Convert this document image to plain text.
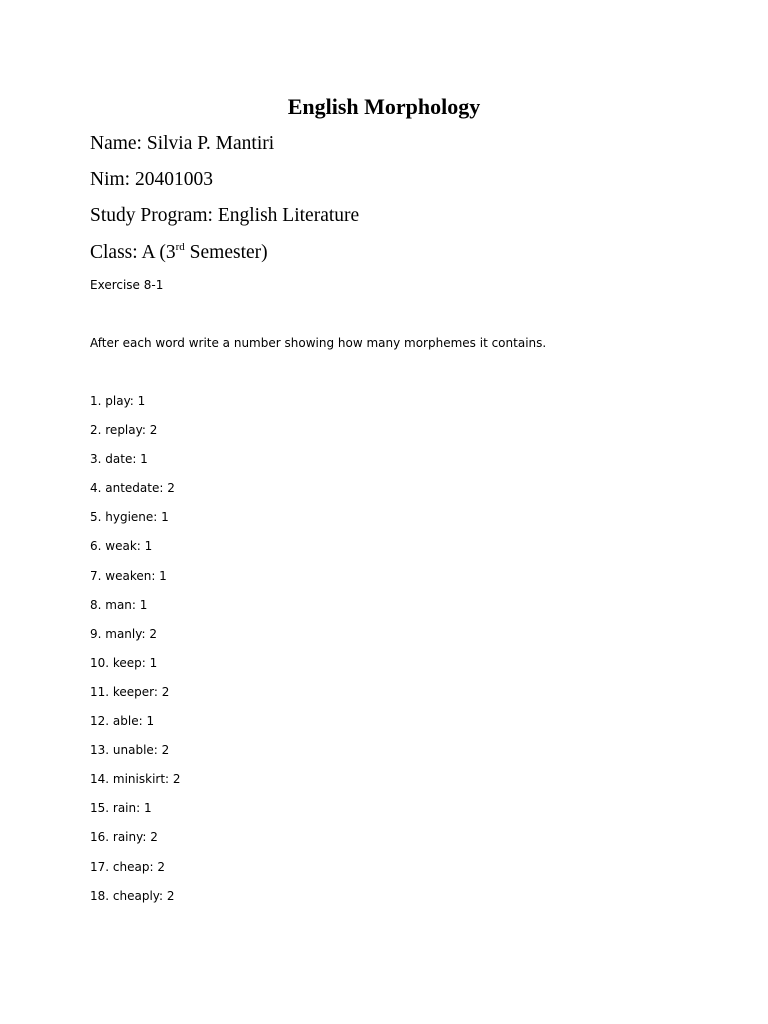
English Morphology

Name: Silvia P. Mantiri

Nim: 20401003

Study Program: English Literature

Class: A (3rd Semester)

Exercise 8-1

After each word write a number showing how many morphemes it contains.

1. play: 1
2. replay: 2
3. date: 1
4. antedate: 2
5. hygiene: 1
6. weak: 1
7. weaken: 1
8. man: 1
9. manly: 2
10. keep: 1
11. keeper: 2
12. able: 1
13. unable: 2
14. miniskirt: 2
15. rain: 1
16. rainy: 2
17. cheap: 2
18. cheaply: 2
